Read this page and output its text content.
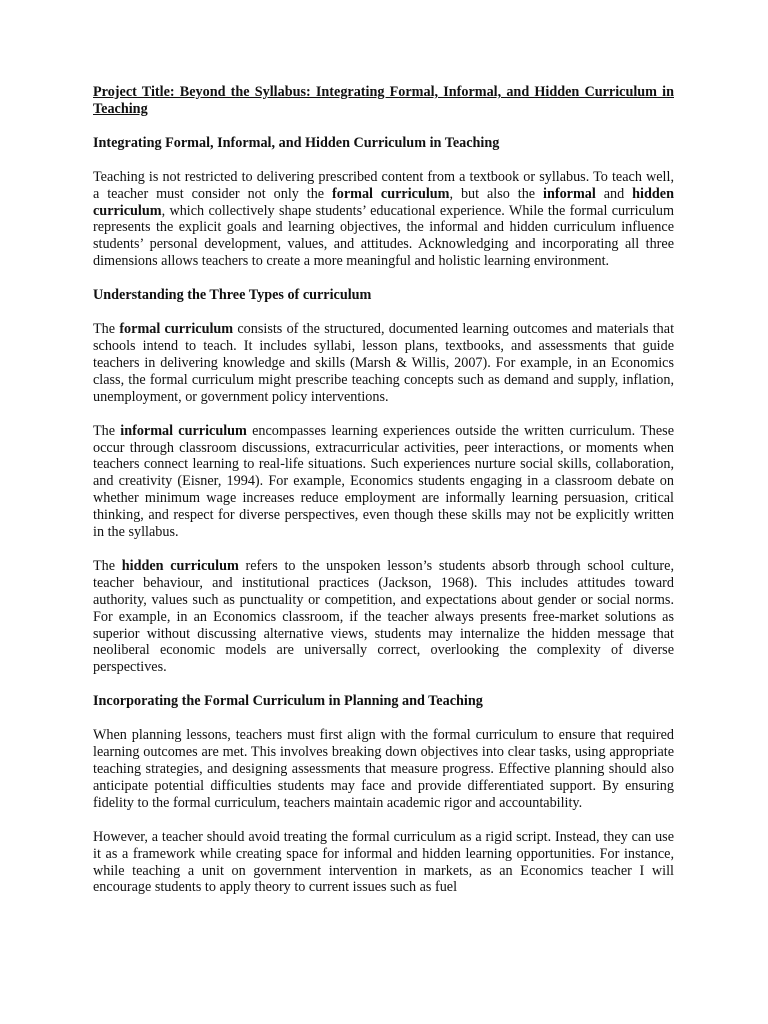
Project Title: Beyond the Syllabus: Integrating Formal, Informal, and Hidden Curriculum in Teaching

Integrating Formal, Informal, and Hidden Curriculum in Teaching

Teaching is not restricted to delivering prescribed content from a textbook or syllabus. To teach well, a teacher must consider not only the formal curriculum, but also the informal and hidden curriculum, which collectively shape students’ educational experience. While the formal curriculum represents the explicit goals and learning objectives, the informal and hidden curriculum influence students’ personal development, values, and attitudes. Acknowledging and incorporating all three dimensions allows teachers to create a more meaningful and holistic learning environment.

Understanding the Three Types of curriculum

The formal curriculum consists of the structured, documented learning outcomes and materials that schools intend to teach. It includes syllabi, lesson plans, textbooks, and assessments that guide teachers in delivering knowledge and skills (Marsh & Willis, 2007). For example, in an Economics class, the formal curriculum might prescribe teaching concepts such as demand and supply, inflation, unemployment, or government policy interventions.

The informal curriculum encompasses learning experiences outside the written curriculum. These occur through classroom discussions, extracurricular activities, peer interactions, or moments when teachers connect learning to real-life situations. Such experiences nurture social skills, collaboration, and creativity (Eisner, 1994). For example, Economics students engaging in a classroom debate on whether minimum wage increases reduce employment are informally learning persuasion, critical thinking, and respect for diverse perspectives, even though these skills may not be explicitly written in the syllabus.

The hidden curriculum refers to the unspoken lesson’s students absorb through school culture, teacher behaviour, and institutional practices (Jackson, 1968). This includes attitudes toward authority, values such as punctuality or competition, and expectations about gender or social norms. For example, in an Economics classroom, if the teacher always presents free-market solutions as superior without discussing alternative views, students may internalize the hidden message that neoliberal economic models are universally correct, overlooking the complexity of diverse perspectives.

Incorporating the Formal Curriculum in Planning and Teaching

When planning lessons, teachers must first align with the formal curriculum to ensure that required learning outcomes are met. This involves breaking down objectives into clear tasks, using appropriate teaching strategies, and designing assessments that measure progress. Effective planning should also anticipate potential difficulties students may face and provide differentiated support. By ensuring fidelity to the formal curriculum, teachers maintain academic rigor and accountability.

However, a teacher should avoid treating the formal curriculum as a rigid script. Instead, they can use it as a framework while creating space for informal and hidden learning opportunities. For instance, while teaching a unit on government intervention in markets, as an Economics teacher I will encourage students to apply theory to current issues such as fuel
